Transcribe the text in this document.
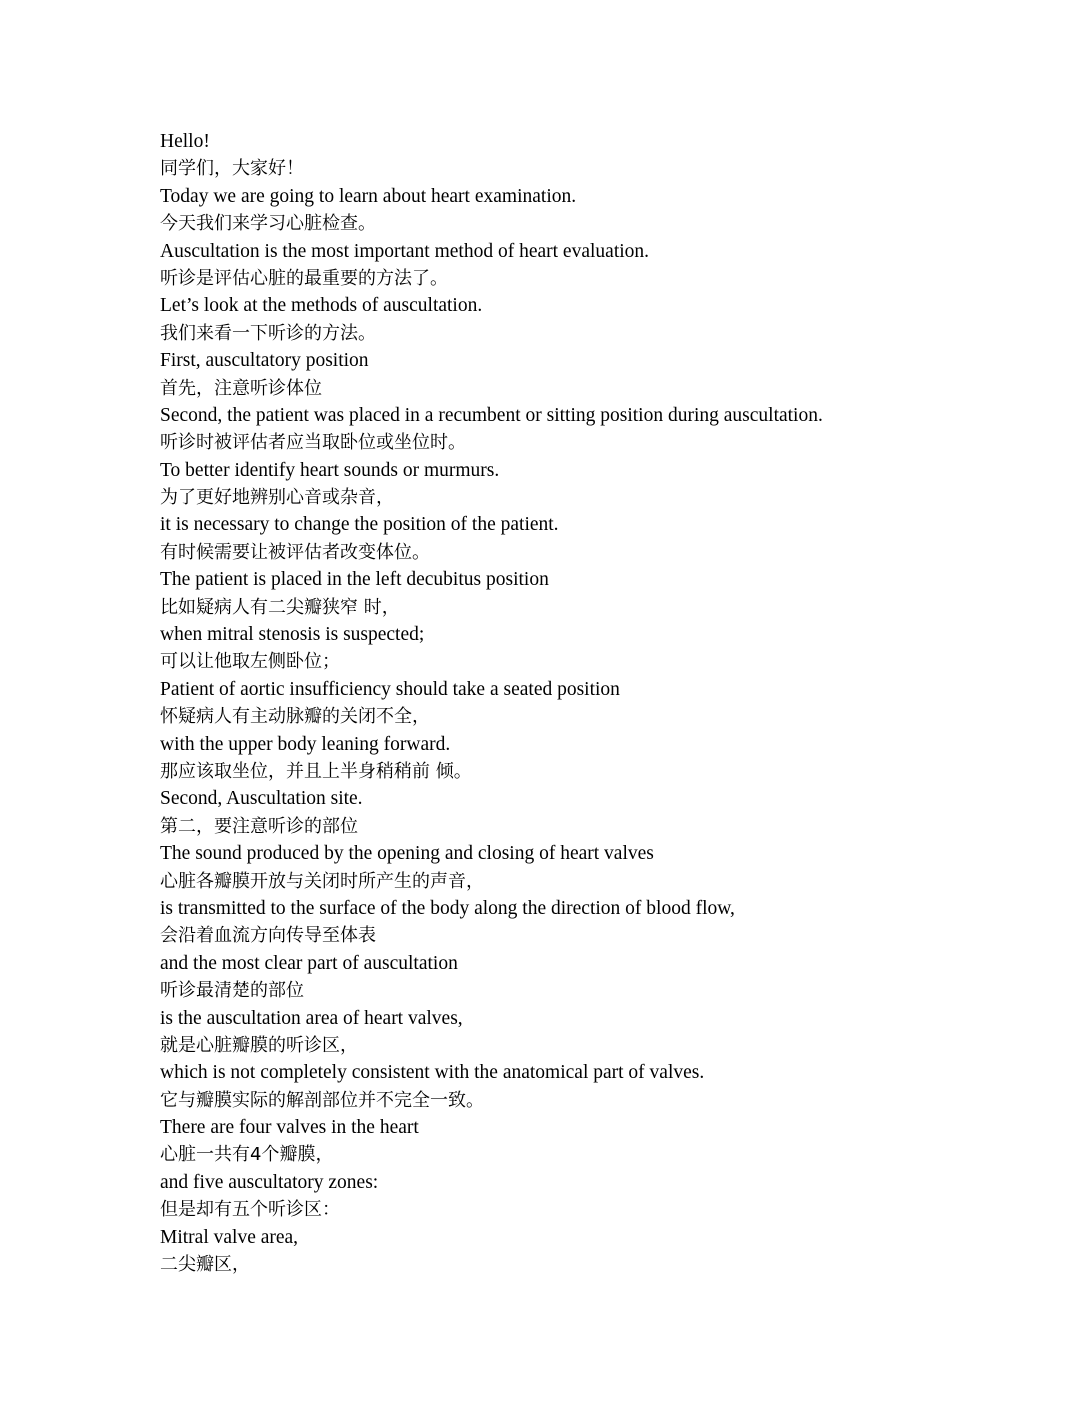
Hello!
同学们，大家好！
Today we are going to learn about heart examination.
今天我们来学习心脏检查。
Auscultation is the most important method of heart evaluation.
听诊是评估心脏的最重要的方法了。
Let’s look at the methods of auscultation.
我们来看一下听诊的方法。
First, auscultatory position
首先，注意听诊体位
Second, the patient was placed in a recumbent or sitting position during auscultation.
听诊时被评估者应当取卧位或坐位时。
To better identify heart sounds or murmurs.
为了更好地辨别心音或杂音，
it is necessary to change the position of the patient.
有时候需要让被评估者改变体位。
The patient is placed in the left decubitus position
比如疑病人有二尖瓣狭窄 时，
when mitral stenosis is suspected;
可以让他取左侧卧位；
Patient of aortic insufficiency should take a seated position
怀疑病人有主动脉瓣的关闭不全，
with the upper body leaning forward.
那应该取坐位，并且上半身稍稍前 倾。
Second, Auscultation site.
第二，要注意听诊的部位
The sound produced by the opening and closing of heart valves
心脏各瓣膜开放与关闭时所产生的声音，
is transmitted to the surface of the body along the direction of blood flow,
会沿着血流方向传导至体表
and the most clear part of auscultation
听诊最清楚的部位
is the auscultation area of heart valves,
就是心脏瓣膜的听诊区，
which is not completely consistent with the anatomical part of valves.
它与瓣膜实际的解剖部位并不完全一致。
There are four valves in the heart
心脏一共有4个瓣膜，
and five auscultatory zones:
但是却有五个听诊区：
Mitral valve area,
二尖瓣区，
